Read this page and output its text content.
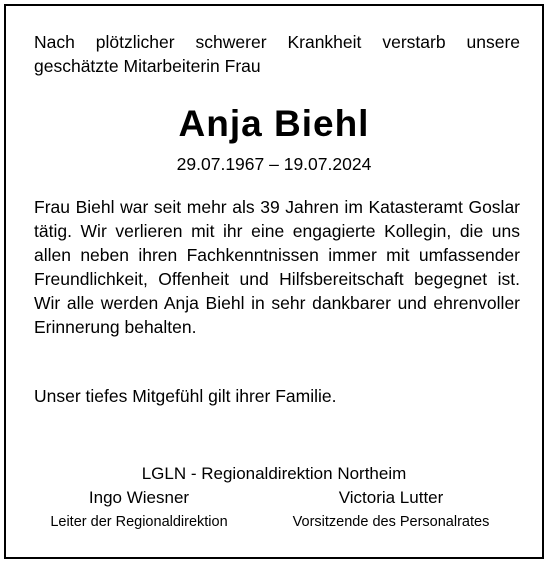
Nach plötzlicher schwerer Krankheit verstarb unsere geschätzte Mitarbeiterin Frau

Anja Biehl

29.07.1967 – 19.07.2024

Frau Biehl war seit mehr als 39 Jahren im Katasteramt Goslar tätig. Wir verlieren mit ihr eine engagierte Kollegin, die uns allen neben ihren Fachkenntnissen immer mit umfassender Freundlichkeit, Offenheit und Hilfsbereitschaft begegnet ist. Wir alle werden Anja Biehl in sehr dankbarer und ehrenvoller Erinnerung behalten.

Unser tiefes Mitgefühl gilt ihrer Familie.

LGLN - Regionaldirektion Northeim

Ingo Wiesner
Leiter der Regionaldirektion
Victoria Lutter
Vorsitzende des Personalrates
